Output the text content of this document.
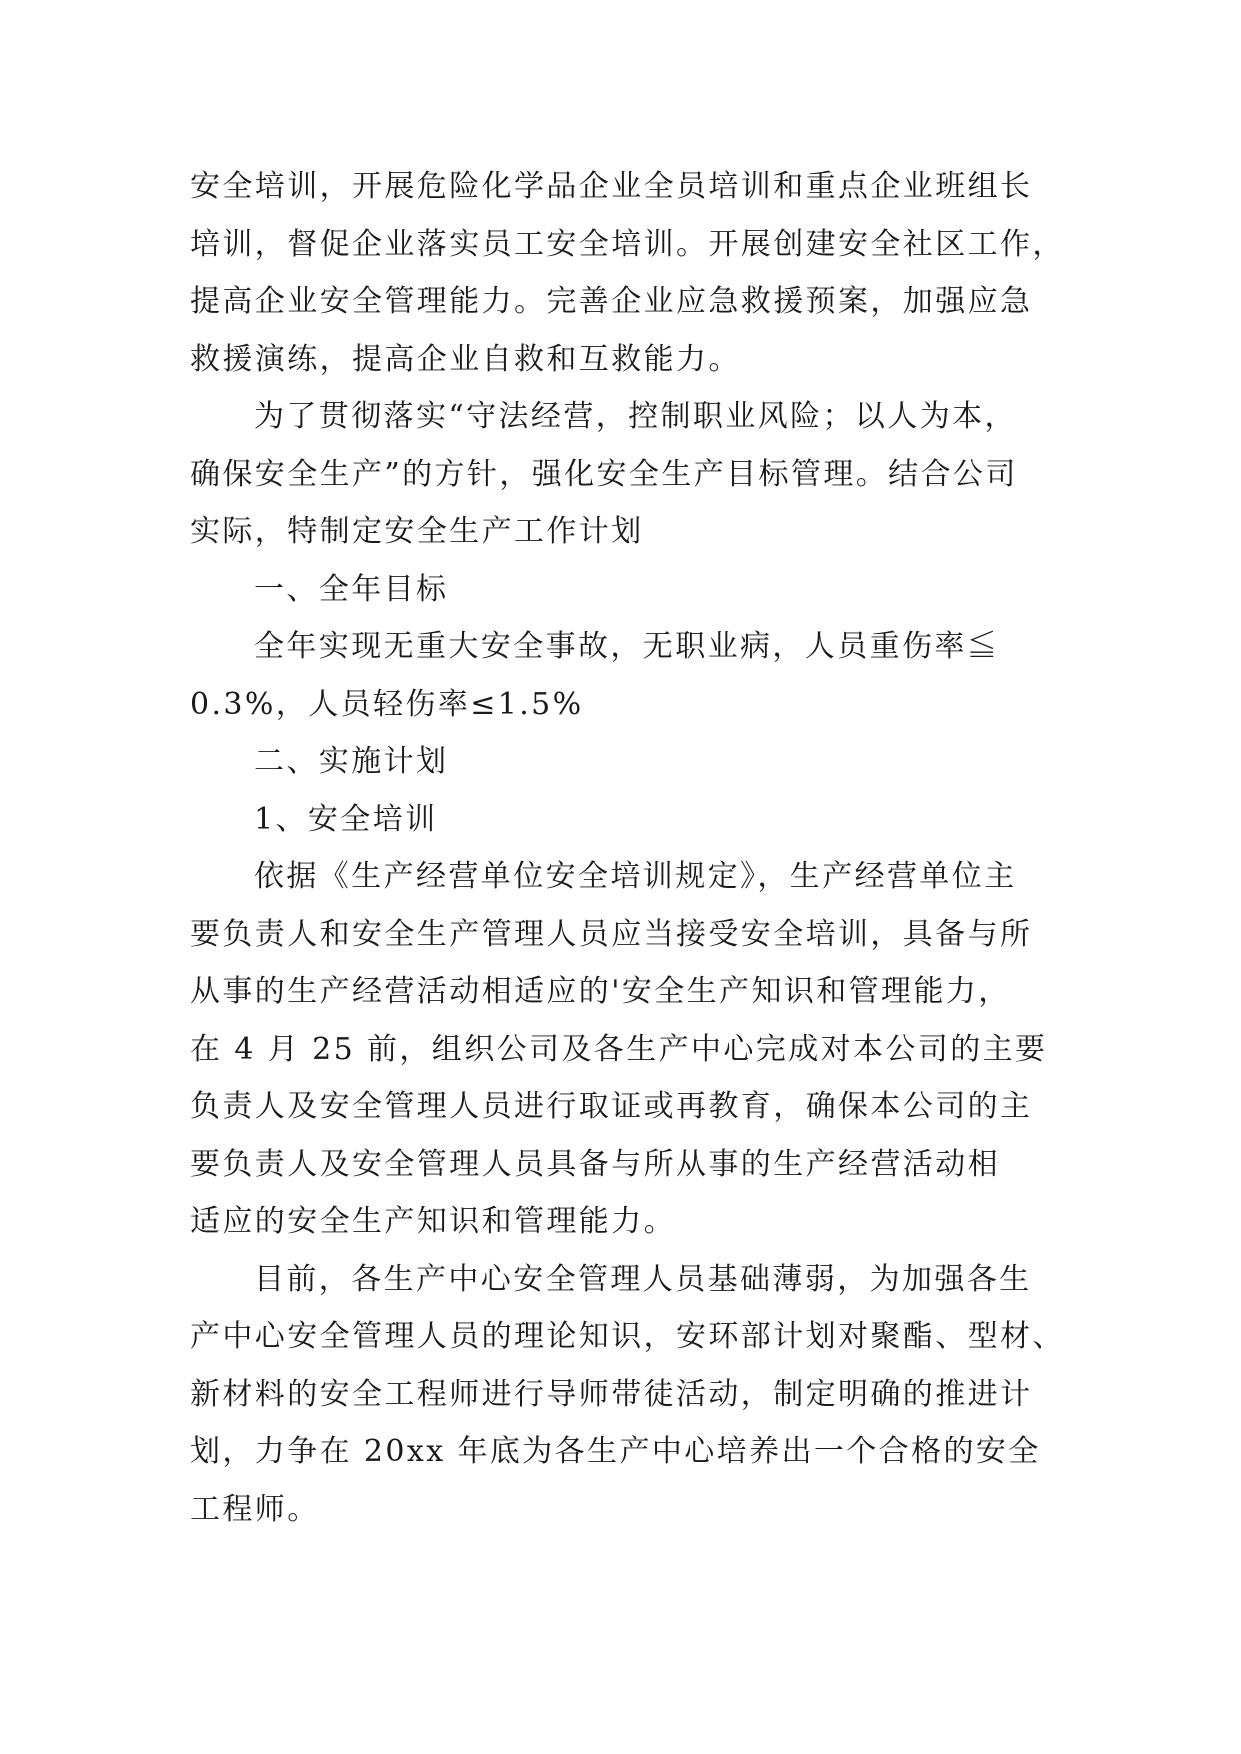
安全培训，开展危险化学品企业全员培训和重点企业班组长
培训，督促企业落实员工安全培训。开展创建安全社区工作，
提高企业安全管理能力。完善企业应急救援预案，加强应急
救援演练，提高企业自救和互救能力。
为了贯彻落实“守法经营，控制职业风险；以人为本，
确保安全生产”的方针，强化安全生产目标管理。结合公司
实际，特制定安全生产工作计划
一、全年目标
全年实现无重大安全事故，无职业病，人员重伤率≦
0.3%，人员轻伤率≤1.5%
二、实施计划
1、安全培训
依据《生产经营单位安全培训规定》，生产经营单位主
要负责人和安全生产管理人员应当接受安全培训，具备与所
从事的生产经营活动相适应的'安全生产知识和管理能力，
在 4 月 25 前，组织公司及各生产中心完成对本公司的主要
负责人及安全管理人员进行取证或再教育，确保本公司的主
要负责人及安全管理人员具备与所从事的生产经营活动相
适应的安全生产知识和管理能力。
目前，各生产中心安全管理人员基础薄弱，为加强各生
产中心安全管理人员的理论知识，安环部计划对聚酯、型材、
新材料的安全工程师进行导师带徒活动，制定明确的推进计
划，力争在 20xx 年底为各生产中心培养出一个合格的安全
工程师。
